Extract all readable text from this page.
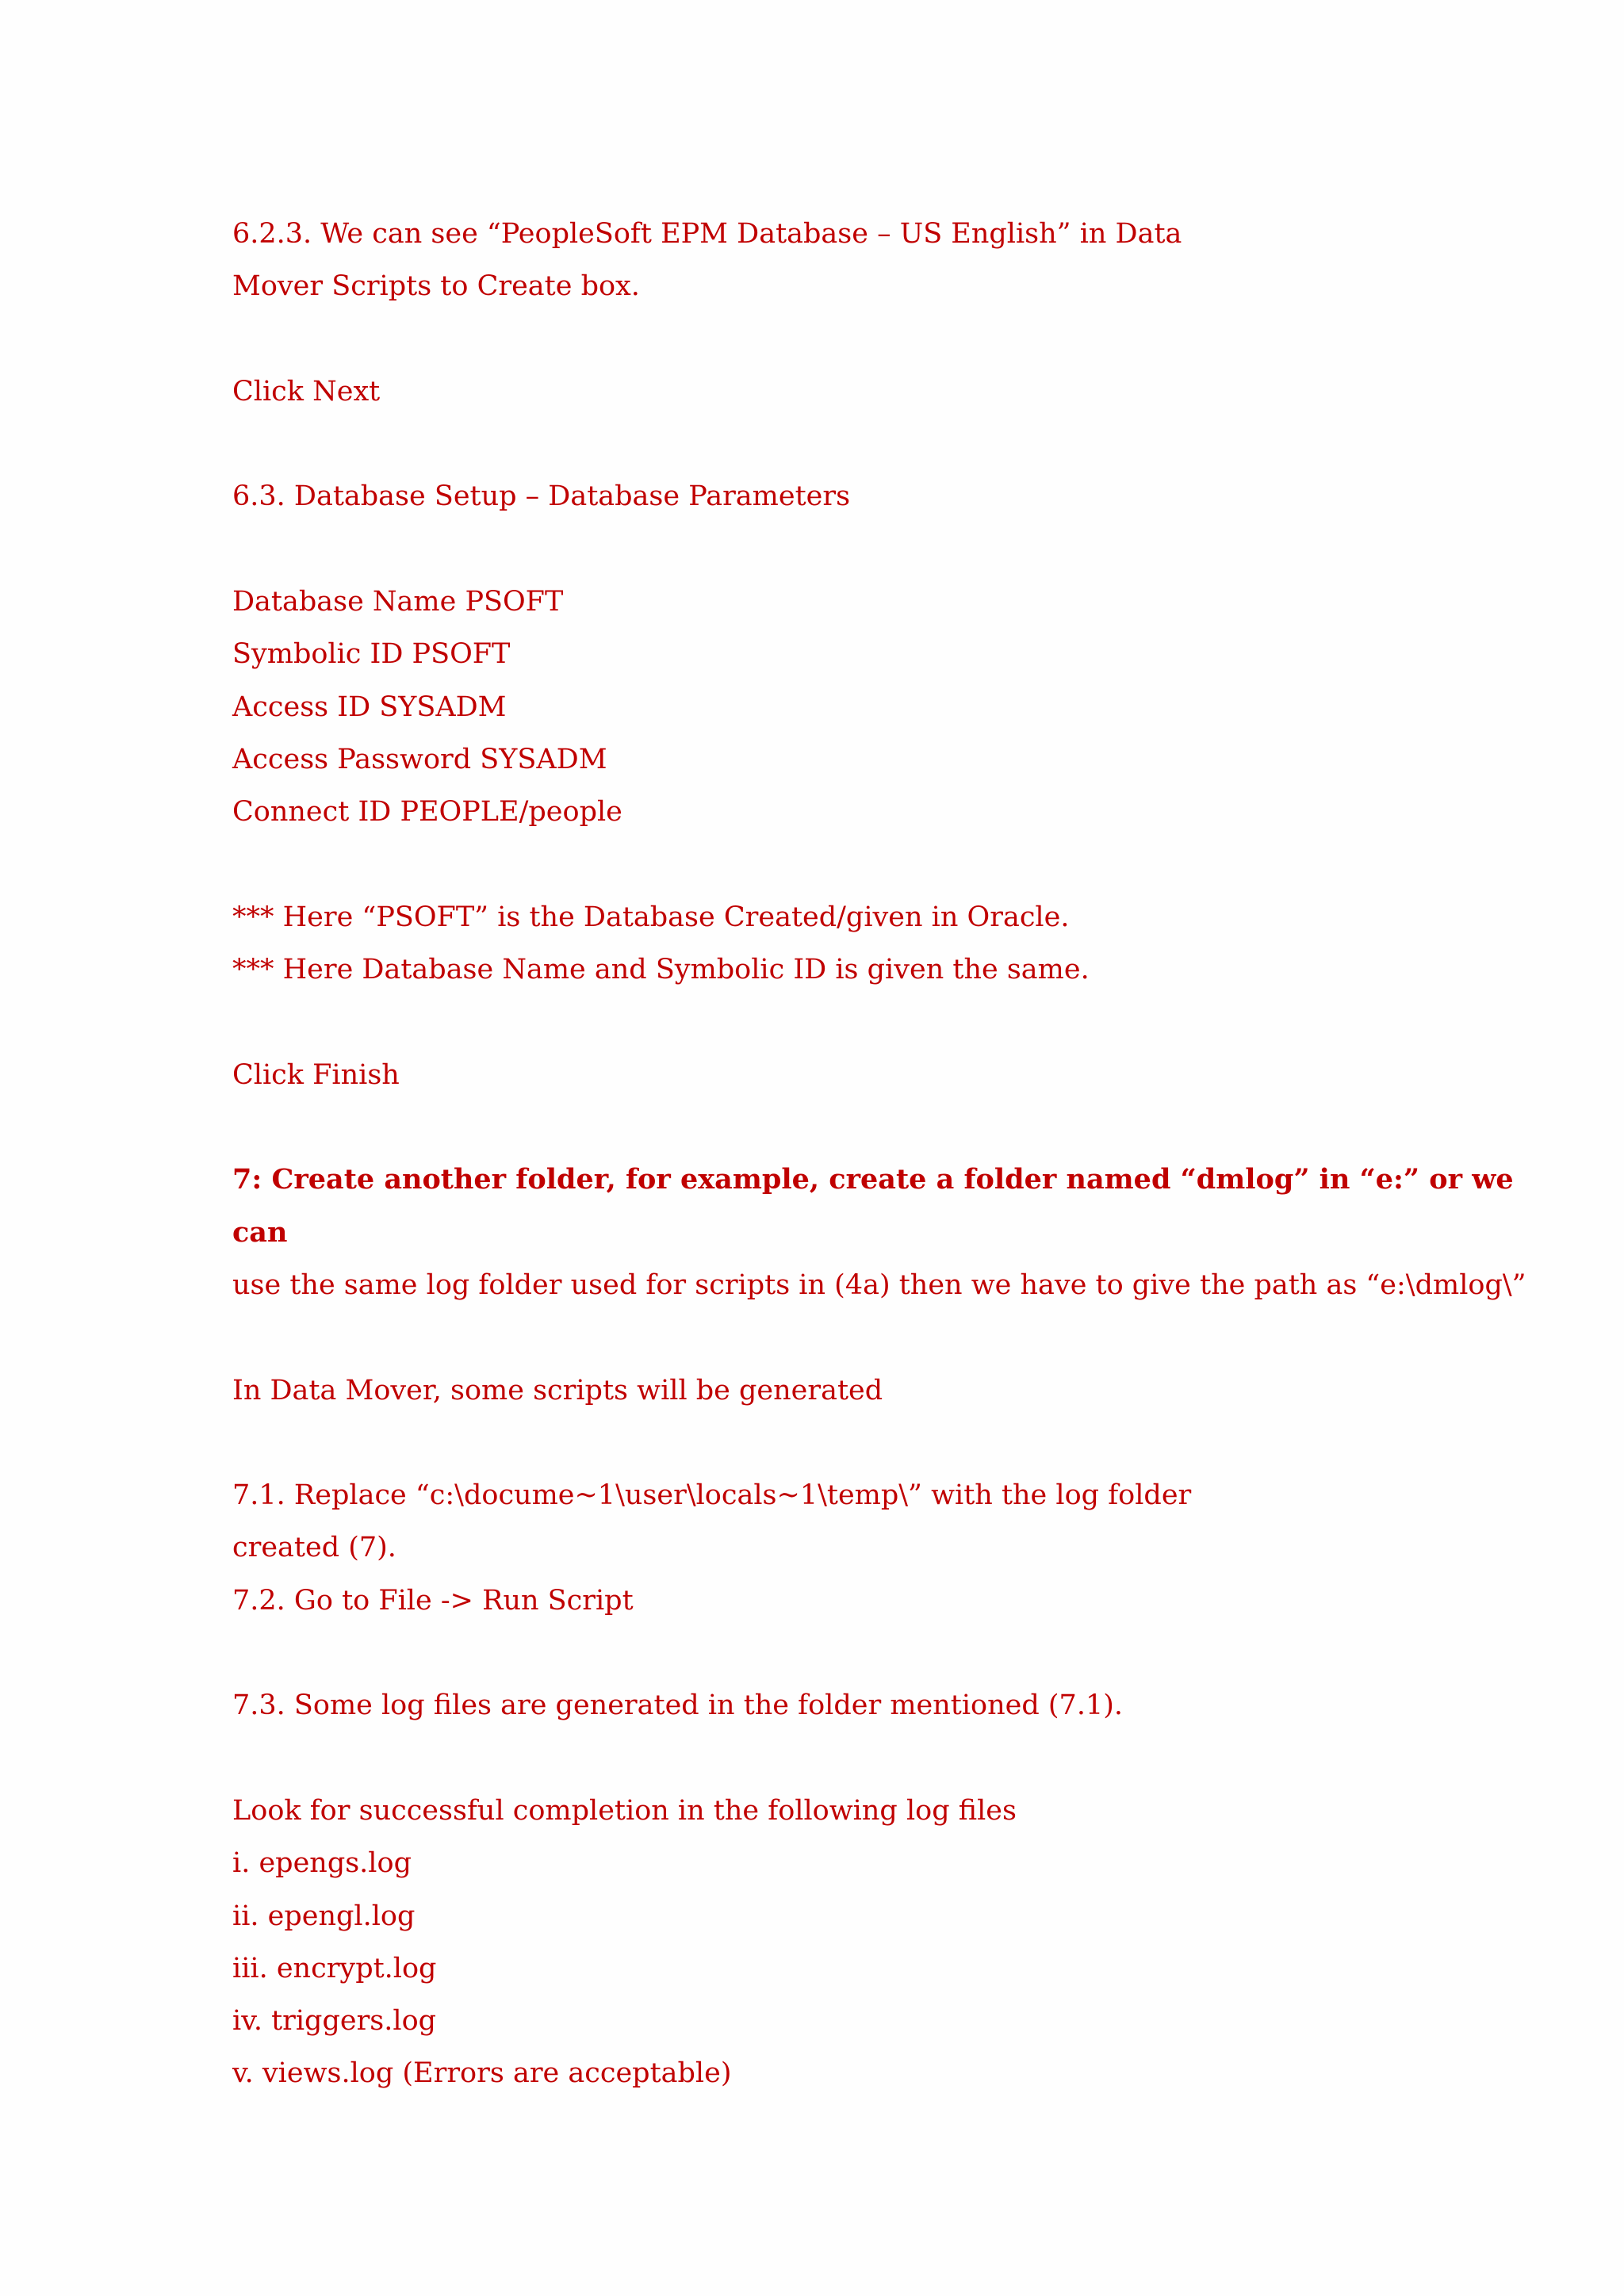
6.2.3. We can see “PeopleSoft EPM Database – US English” in Data
Mover Scripts to Create box.
Click Next
6.3. Database Setup – Database Parameters
Database Name PSOFT
Symbolic ID PSOFT
Access ID SYSADM
Access Password SYSADM
Connect ID PEOPLE/people
*** Here “PSOFT” is the Database Created/given in Oracle.
*** Here Database Name and Symbolic ID is given the same.
Click Finish
7: Create another folder, for example, create a folder named “dmlog” in “e:” or we
can
use the same log folder used for scripts in (4a) then we have to give the path as “e:\dmlog\”
In Data Mover, some scripts will be generated
7.1. Replace “c:\docume~1\user\locals~1\temp\” with the log folder
created (7).
7.2. Go to File -> Run Script
7.3. Some log files are generated in the folder mentioned (7.1).
Look for successful completion in the following log files
i. epengs.log
ii. epengl.log
iii. encrypt.log
iv. triggers.log
v. views.log (Errors are acceptable)
